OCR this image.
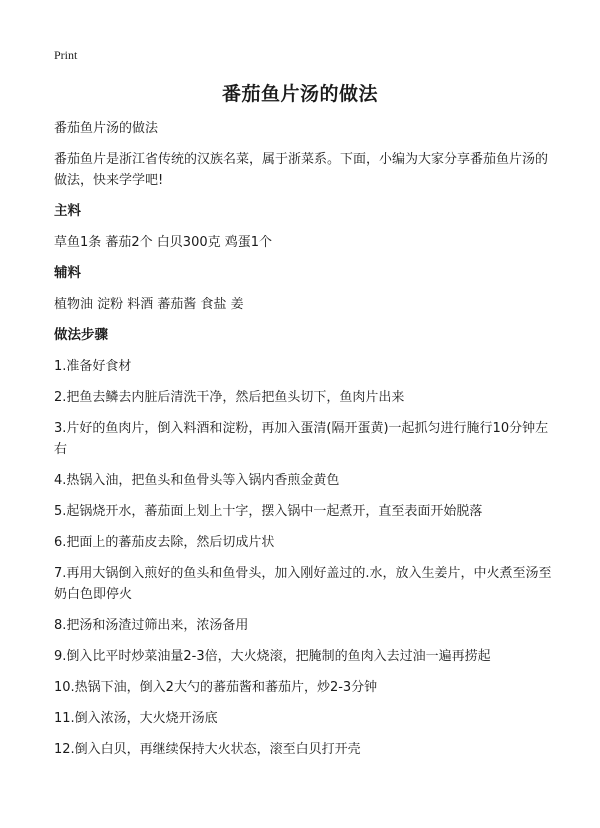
Print
番茄鱼片汤的做法

番茄鱼片汤的做法

番茄鱼片是浙江省传统的汉族名菜，属于浙菜系。下面，小编为大家分享番茄鱼片汤的做法，快来学学吧!

主料

草鱼1条 蕃茄2个 白贝300克 鸡蛋1个

辅料

植物油 淀粉 料酒 蕃茄酱 食盐 姜

做法步骤

1.准备好食材

2.把鱼去鳞去内脏后清洗干净，然后把鱼头切下，鱼肉片出来

3.片好的鱼肉片，倒入料酒和淀粉，再加入蛋清(隔开蛋黄)一起抓匀进行腌行10分钟左右

4.热锅入油，把鱼头和鱼骨头等入锅内香煎金黄色

5.起锅烧开水，蕃茄面上划上十字，摆入锅中一起煮开，直至表面开始脱落

6.把面上的蕃茄皮去除，然后切成片状

7.再用大锅倒入煎好的鱼头和鱼骨头，加入刚好盖过的.水，放入生姜片，中火煮至汤至奶白色即停火

8.把汤和汤渣过筛出来，浓汤备用

9.倒入比平时炒菜油量2-3倍，大火烧滚，把腌制的鱼肉入去过油一遍再捞起

10.热锅下油，倒入2大勺的蕃茄酱和蕃茄片，炒2-3分钟

11.倒入浓汤，大火烧开汤底

12.倒入白贝，再继续保持大火状态，滚至白贝打开壳
